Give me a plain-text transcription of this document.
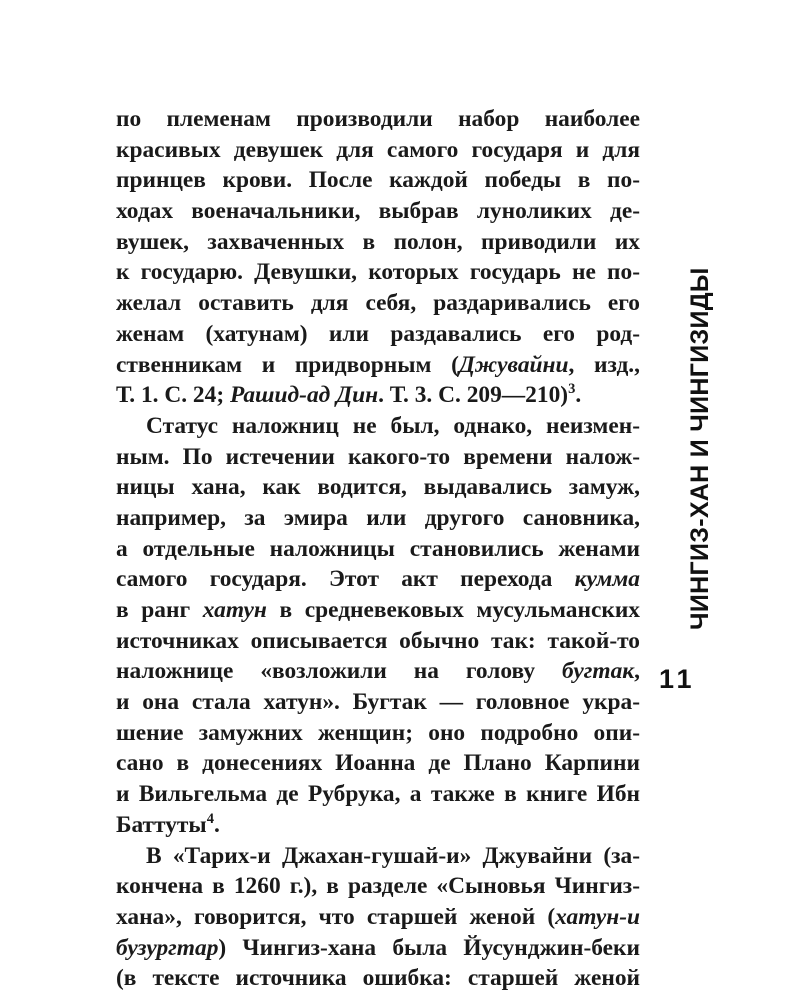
по племенам производили набор наиболее
красивых девушек для самого государя и для
принцев крови. После каждой победы в по-
ходах военачальники, выбрав луноликих де-
вушек, захваченных в полон, приводили их
к государю. Девушки, которых государь не по-
желал оставить для себя, раздаривались его
женам (хатунам) или раздавались его род-
ственникам и придворным (Джувайни, изд.,
Т. 1. С. 24; Рашид-ад Дин. Т. 3. С. 209—210)$^3$.
Статус наложниц не был, однако, неизмен-
ным. По истечении какого-то времени налож-
ницы хана, как водится, выдавались замуж,
например, за эмира или другого сановника,
а отдельные наложницы становились женами
самого государя. Этот акт перехода кумма
в ранг хатун в средневековых мусульманских
источниках описывается обычно так: такой-то
наложнице «возложили на голову бугтак,
и она стала хатун». Бугтак — головное укра-
шение замужних женщин; оно подробно опи-
сано в донесениях Иоанна де Плано Карпини
и Вильгельма де Рубрука, а также в книге Ибн
Баттуты$^4$.
В «Тарих-и Джахан-гушай-и» Джувайни (за-
кончена в 1260 г.), в разделе «Сыновья Чингиз-
хана», говорится, что старшей женой (хатун-и
бузургтар) Чингиз-хана была Йусунджин-беки
(в тексте источника ошибка: старшей женой
ЧИНГИЗ-ХАН И ЧИНГИЗИДЫ
11
